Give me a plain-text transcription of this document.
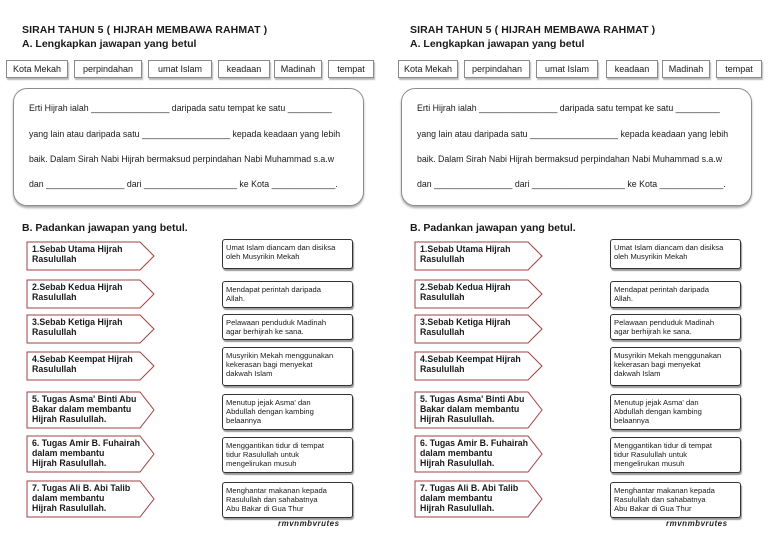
SIRAH TAHUN 5 ( HIJRAH MEMBAWA RAHMAT )
A. Lengkapkan jawapan yang betul
Kota Mekah	perpindahan	umat Islam	keadaan	Madinah	tempat
Erti Hijrah ialah ________________ daripada satu tempat ke satu _________
yang lain atau daripada satu __________________ kepada keadaan yang lebih
baik. Dalam Sirah Nabi Hijrah bermaksud perpindahan Nabi Muhammad s.a.w
dan ________________ dari ___________________ ke Kota _____________.
B. Padankan jawapan yang betul.
1.Sebab Utama Hijrah
Rasulullah
2.Sebab Kedua Hijrah
Rasulullah
3.Sebab Ketiga Hijrah
Rasulullah
4.Sebab Keempat Hijrah
Rasulullah
5. Tugas Asma' Binti Abu
Bakar dalam membantu
Hijrah Rasulullah.
6. Tugas Amir B. Fuhairah
dalam membantu
Hijrah Rasulullah.
7. Tugas Ali B. Abi Talib
dalam membantu
Hijrah Rasulullah.
Umat Islam diancam dan disiksa
oleh Musyrikin Mekah
Mendapat perintah daripada
Allah.
Pelawaan penduduk Madinah
agar berhijrah ke sana.
Musyrikin Mekah menggunakan
kekerasan bagi menyekat
dakwah Islam
Menutup jejak Asma' dan
Abdullah dengan kambing
belaannya
Menggantikan tidur di tempat
tidur Rasulullah untuk
mengelirukan musuh
Menghantar makanan kepada
Rasulullah dan sahabatnya
Abu Bakar di Gua Thur
rmvnmbvrutes
SIRAH TAHUN 5 ( HIJRAH MEMBAWA RAHMAT )
A. Lengkapkan jawapan yang betul
Kota Mekah	perpindahan	umat Islam	keadaan	Madinah	tempat
Erti Hijrah ialah ________________ daripada satu tempat ke satu _________
yang lain atau daripada satu __________________ kepada keadaan yang lebih
baik. Dalam Sirah Nabi Hijrah bermaksud perpindahan Nabi Muhammad s.a.w
dan ________________ dari ___________________ ke Kota _____________.
B. Padankan jawapan yang betul.
1.Sebab Utama Hijrah
Rasulullah
2.Sebab Kedua Hijrah
Rasulullah
3.Sebab Ketiga Hijrah
Rasulullah
4.Sebab Keempat Hijrah
Rasulullah
5. Tugas Asma' Binti Abu
Bakar dalam membantu
Hijrah Rasulullah.
6. Tugas Amir B. Fuhairah
dalam membantu
Hijrah Rasulullah.
7. Tugas Ali B. Abi Talib
dalam membantu
Hijrah Rasulullah.
Umat Islam diancam dan disiksa
oleh Musyrikin Mekah
Mendapat perintah daripada
Allah.
Pelawaan penduduk Madinah
agar berhijrah ke sana.
Musyrikin Mekah menggunakan
kekerasan bagi menyekat
dakwah Islam
Menutup jejak Asma' dan
Abdullah dengan kambing
belaannya
Menggantikan tidur di tempat
tidur Rasulullah untuk
mengelirukan musuh
Menghantar makanan kepada
Rasulullah dan sahabatnya
Abu Bakar di Gua Thur
rmvnmbvrutes
